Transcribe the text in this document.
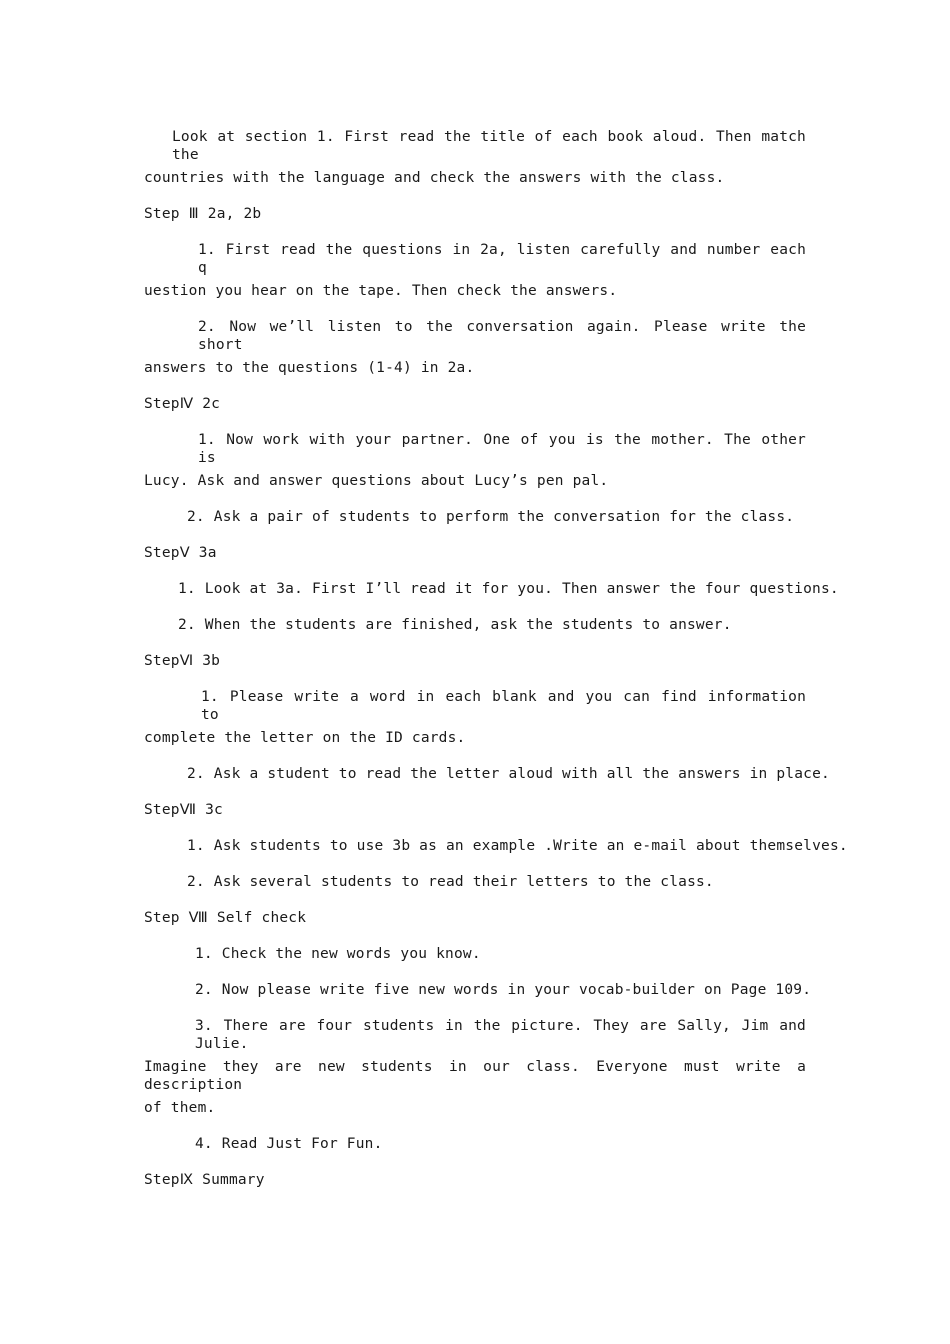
Look at section 1. First read the title of each book aloud. Then match the
countries with the language and check the answers with the class.
Step Ⅲ 2a, 2b
1. First read the questions in 2a, listen carefully and number each q
uestion you hear on the tape. Then check the answers.
2. Now we’ll listen to the conversation again. Please write the short
answers to the questions (1-4) in 2a.
StepⅣ 2c
1. Now work with your partner. One of you is the mother. The other is
Lucy. Ask and answer questions about Lucy’s pen pal.
2. Ask a pair of students to perform the conversation for the class.
StepⅤ 3a
1. Look at 3a. First I’ll read it for you. Then answer the four questions.
2. When the students are finished, ask the students to answer.
StepⅥ 3b
1. Please write a word in each blank and you can find information to
complete the letter on the ID cards.
2. Ask a student to read the letter aloud with all the answers in place.
StepⅦ 3c
1. Ask students to use 3b as an example .Write an e-mail about themselves.
2. Ask several students to read their letters to the class.
Step Ⅷ Self check
1. Check the new words you know.
2. Now please write five new words in your vocab-builder on Page 109.
3. There are four students in the picture. They are Sally, Jim and Julie.
Imagine they are new students in our class. Everyone must write a description
of them.
4. Read Just For Fun.
StepⅨ Summary
